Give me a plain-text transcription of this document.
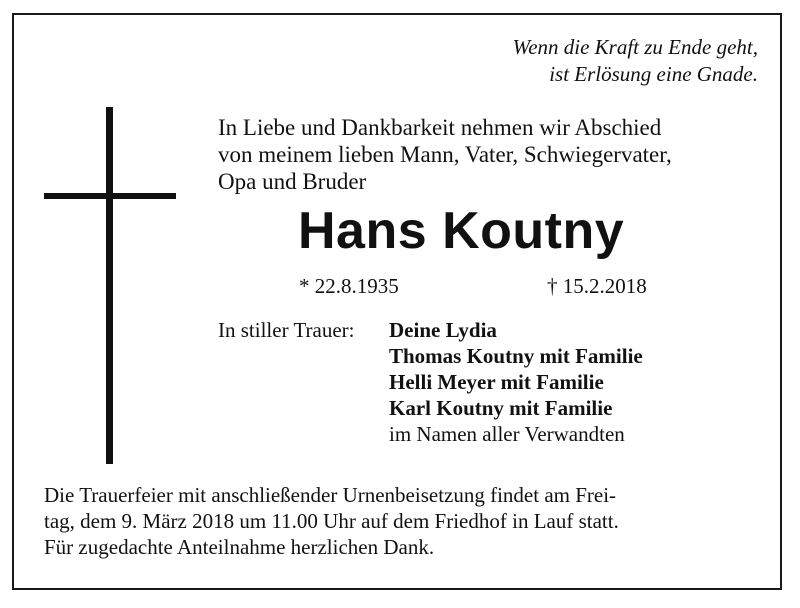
Wenn die Kraft zu Ende geht,
ist Erlösung eine Gnade.
In Liebe und Dankbarkeit nehmen wir Abschied
von meinem lieben Mann, Vater, Schwiegervater,
Opa und Bruder
Hans Koutny
* 22.8.1935	† 15.2.2018
In stiller Trauer: Deine Lydia
Thomas Koutny mit Familie
Helli Meyer mit Familie
Karl Koutny mit Familie
im Namen aller Verwandten
Die Trauerfeier mit anschließender Urnenbeisetzung findet am Frei-
tag, dem 9. März 2018 um 11.00 Uhr auf dem Friedhof in Lauf statt.
Für zugedachte Anteilnahme herzlichen Dank.
